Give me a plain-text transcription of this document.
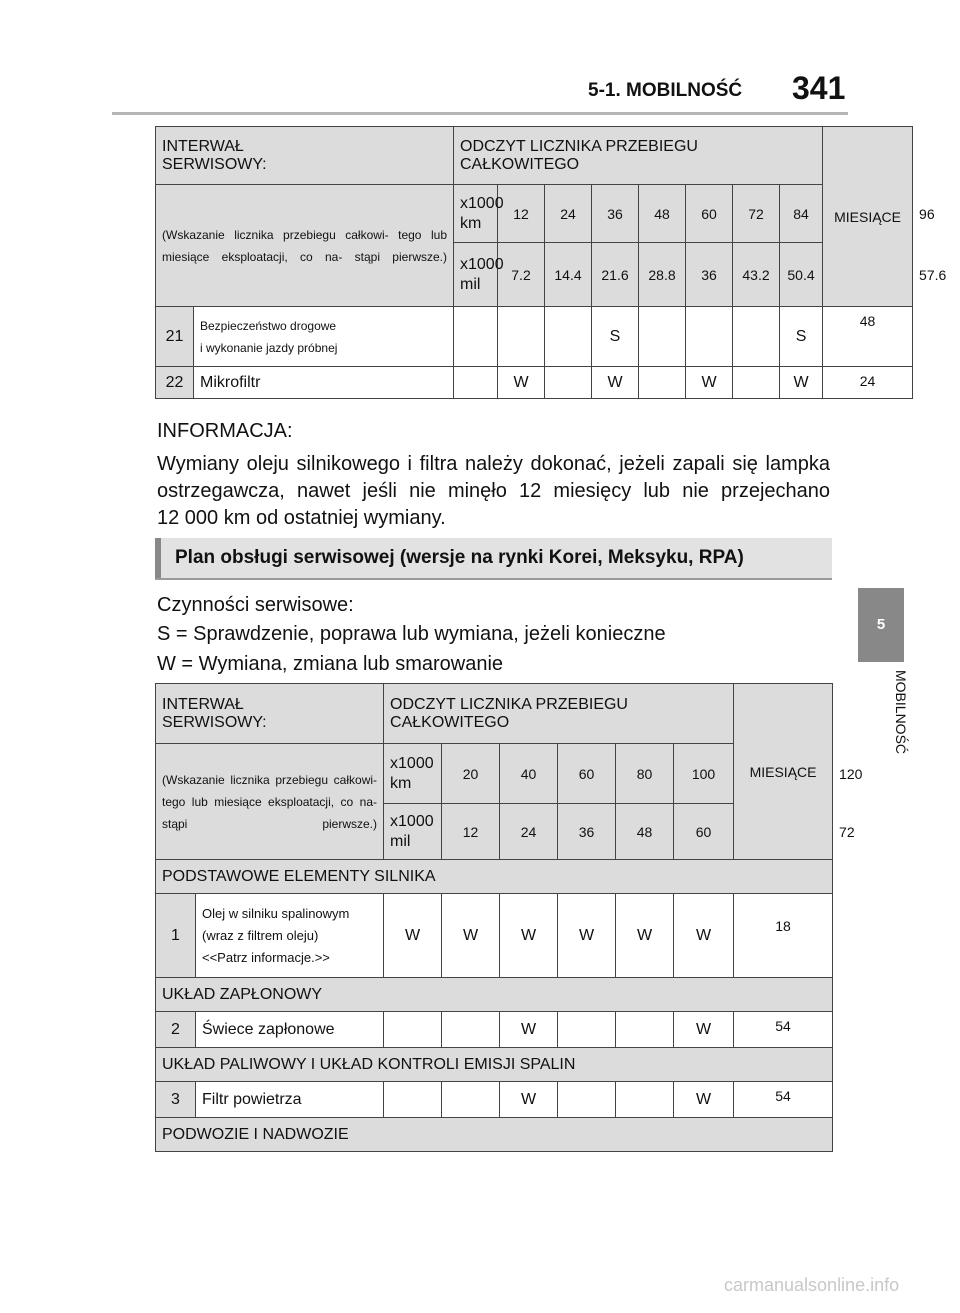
5-1. MOBILNOŚĆ 341
5
MOBILNOŚĆ
INTERWAŁ
SERWISOWY:		ODCZYT LICZNIKA PRZEBIEGU CAŁKOWITEGO								MIESIĄCE	
(Wskazanie licznika przebiegu całkowi- tego lub miesiące eksploatacji, co na- stąpi pierwsze.)		x1000
km	12	24	36	48	60	72	84		96
		x1000
mil	7.2	14.4	21.6	28.8	36	43.2	50.4		57.6
21	Bezpieczeństwo drogowe
i wykonanie jazdy próbnej				S				S	48	
22	Mikrofiltr		W		W		W		W	24	
INFORMACJA:
Wymiany oleju silnikowego i filtra należy dokonać, jeżeli zapali się lampka
ostrzegawcza, nawet jeśli nie minęło 12 miesięcy lub nie przejechano
12 000 km od ostatniej wymiany.
Plan obsługi serwisowej (wersje na rynki Korei, Meksyku, RPA)
Czynności serwisowe:
S = Sprawdzenie, poprawa lub wymiana, jeżeli konieczne
W = Wymiana, zmiana lub smarowanie
INTERWAŁ
SERWISOWY:		ODCZYT LICZNIKA PRZEBIEGU CAŁKOWITEGO						MIESIĄCE	
(Wskazanie licznika przebiegu całkowi- tego lub miesiące eksploatacji, co na- stąpi pierwsze.)		x1000
km	20	40	60	80	100		120
		x1000
mil	12	24	36	48	60		72
PODSTAWOWE ELEMENTY SILNIKA									
1	Olej w silniku spalinowym
(wraz z filtrem oleju)
<<Patrz informacje.>>	W	W	W	W	W	W	18	
UKŁAD ZAPŁONOWY									
2	Świece zapłonowe			W			W	54	
UKŁAD PALIWOWY I UKŁAD KONTROLI EMISJI SPALIN									
3	Filtr powietrza			W			W	54	
PODWOZIE I NADWOZIE									
carmanualsonline.info
